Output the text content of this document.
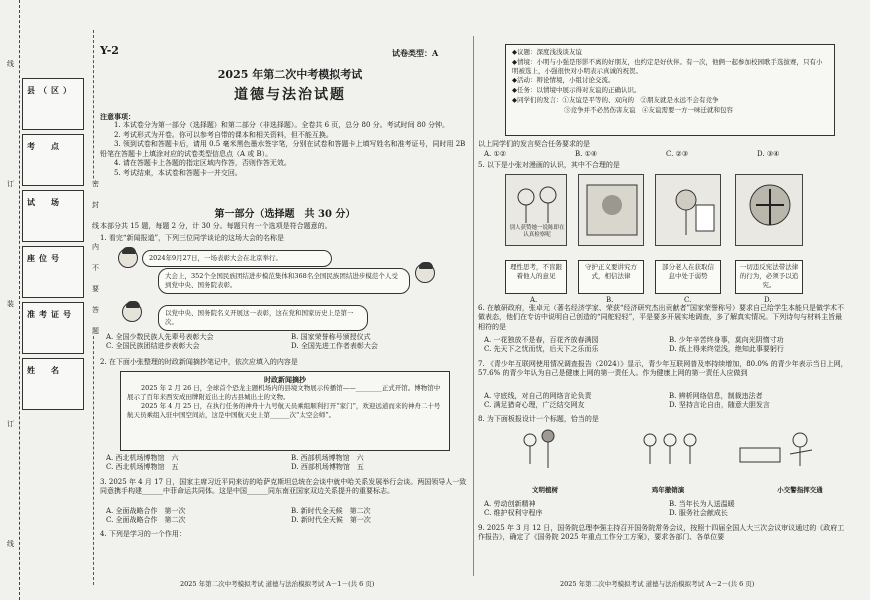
线
订
装
订
线
县（区）
考　点
试　场
座位号
准考证号
姓　名
密　　封　　线　　内　　不　　要　　答　　题
Y-2	试卷类型：A
2025 年第二次中考模拟考试
道德与法治试题
注意事项：

1. 本试卷分为第一部分（选择题）和第二部分（非选择题）。全卷共 6 页，总分 80 分。考试时间 80 分钟。

2. 考试形式为开卷。你可以参考自带的课本和相关资料，但不能互换。

3. 领到试卷和答题卡后，请用 0.5 毫米黑色墨水签字笔，分别在试卷和答题卡上填写姓名和准考证号，同时用 2B 铅笔在答题卡上填涂对应的试卷类型信息点（A 或 B）。

4. 请在答题卡上各题的指定区域内作答，否则作答无效。

5. 考试结束，本试卷和答题卡一并交回。

第一部分（选择题　共 30 分）
本部分共 15 题，每题 2 分，计 30 分。每题只有一个选项是符合题意的。
1. 看完“新闻报道”，下列三位同学谈论的这场大会的名称是
2024年9月27日，一场表彰大会在北京举行。
大会上，352个全国民族团结进步模范集体和368名全国民族团结进步模范个人受到党中央、国务院表彰。
以党中央、国务院名义开展这一表彰，这在党和国家历史上是第一次。
A. 全国少数民族人先辈号表彰大会	B. 国家荣誉称号颁授仪式
C. 全国民族团结进步表彰大会	D. 全国先进工作者表彰大会
2. 在下面小张整理的时政新闻摘抄笔记中，依次应填入的内容是
时政新闻摘抄

2025 年 2 月 26 日，全球首个恐龙主题机场内的县境文物展示传播馆——________正式开馆。博物馆中展示了百年来西安成田牌附近出土的古县城出土的文物。

2025 年 4 月 25 日，在执行任务的神舟十九号航天员乘组顺利打开“家门”，欢迎远道而来的神舟二十号航天员乘组入驻中国空间站，这是中国航天史上第______次“太空会师”。

A. 西北机场博物馆　六	B. 西部机场博物馆　六
C. 西北机场博物馆　五	D. 西部机场博物馆　五
3. 2025 年 4 月 17 日，国家主席习近平同来访的哈萨克斯坦总统在会谈中就中哈关系发展举行会谈。两国领导人一致同意携手构建______中菲命运共同体。这是中国______同东南亚国家双边关系提升的重要标志。
A. 全面战略合作　第一次	B. 新时代全天候　第二次
C. 全面战略合作　第二次	D. 新时代全天候　第一次
4. 下列是学习的一个作用：
2025 年第二次中考模拟考试 道德与法治模拟考试 A－1－(共 6 页)
◆议题：深度浅浅谈友谊
◆情境：小明与小强是形影不离的好朋友，也约定是好伙伴。有一次，他俩一起参加校园歌手选拔赛，只有小明被选上，小强很快对小明表示真诚的祝贺。
◆活动：辩论情境，小组讨论交流。
◆任务：以情境中展示得对友谊的正确认识。
◆同学们的发言：①友谊是平等的、双向的　②朋友就是永远不会有竞争
　　　　　　　　③竞争并不必然伤害友谊　④友谊需要一方一味迁就和包容
以上同学们的发言契合任务要求的是
A. ①②	B. ①④	C. ②③	D. ③④
5. 以下是小张对漫画的认识，其中不合理的是
别人获赞她一说陈即在认真检察呢
理性思考，不盲跟着他人的意见
守护正义要讲究方式，相信法律
部分老人在获取信息中处于弱势
一切违反宪法带法律的行为，必须予以追究。
A.	B.	C.	D.
6. 在敏研政府，张卓元（著名经济学家、荣获“经济研究杰出贡献者”国家荣誉称号）要求自己给学生本能只是做学术不做表态，他们在专访中说明自己创造的“同舵轻轻”，平是要多开展实地调查，多了解真实情况。下列诗句与材料主旨最相符的是
A. 一花独放不是春，百花齐放春满园	B. 少年辛苦终身事，莫向光阴惰寸功
C. 先天下之忧而忧，后天下之乐而乐	D. 纸上得来终觉浅，绝知此事要躬行
7. 《青少年互联网使用情况调查报告（2024）》显示，青少年互联网普及率持续增加，80.0% 的青少年表示当日上网，57.6% 的青少年认为自己是健康上网的第一责任人。作为健康上网的第一责任人应做到
A. 守底线，对自己的网络言论负责	B. 辨析网络信息，制裁违法者
C. 满足猎奇心理，广泛结交网友	D. 坚持言论自由，随意大胆发言
8. 为下面板报设计一个标题，恰当的是
文明植树	鸡年撤销演	小交警指挥交通
A. 劳动创新精神	B. 当年长为人送温暖
C. 维护权利守程序	D. 服务社会献成长
9. 2025 年 3 月 12 日，国务院总理李强主持召开国务院常务会议，按照十四届全国人大三次会议审议通过的《政府工作报告》，确定了《国务院 2025 年重点工作分工方案》，要求各部门、各单位要
2025 年第二次中考模拟考试 道德与法治模拟考试 A－2－(共 6 页)
